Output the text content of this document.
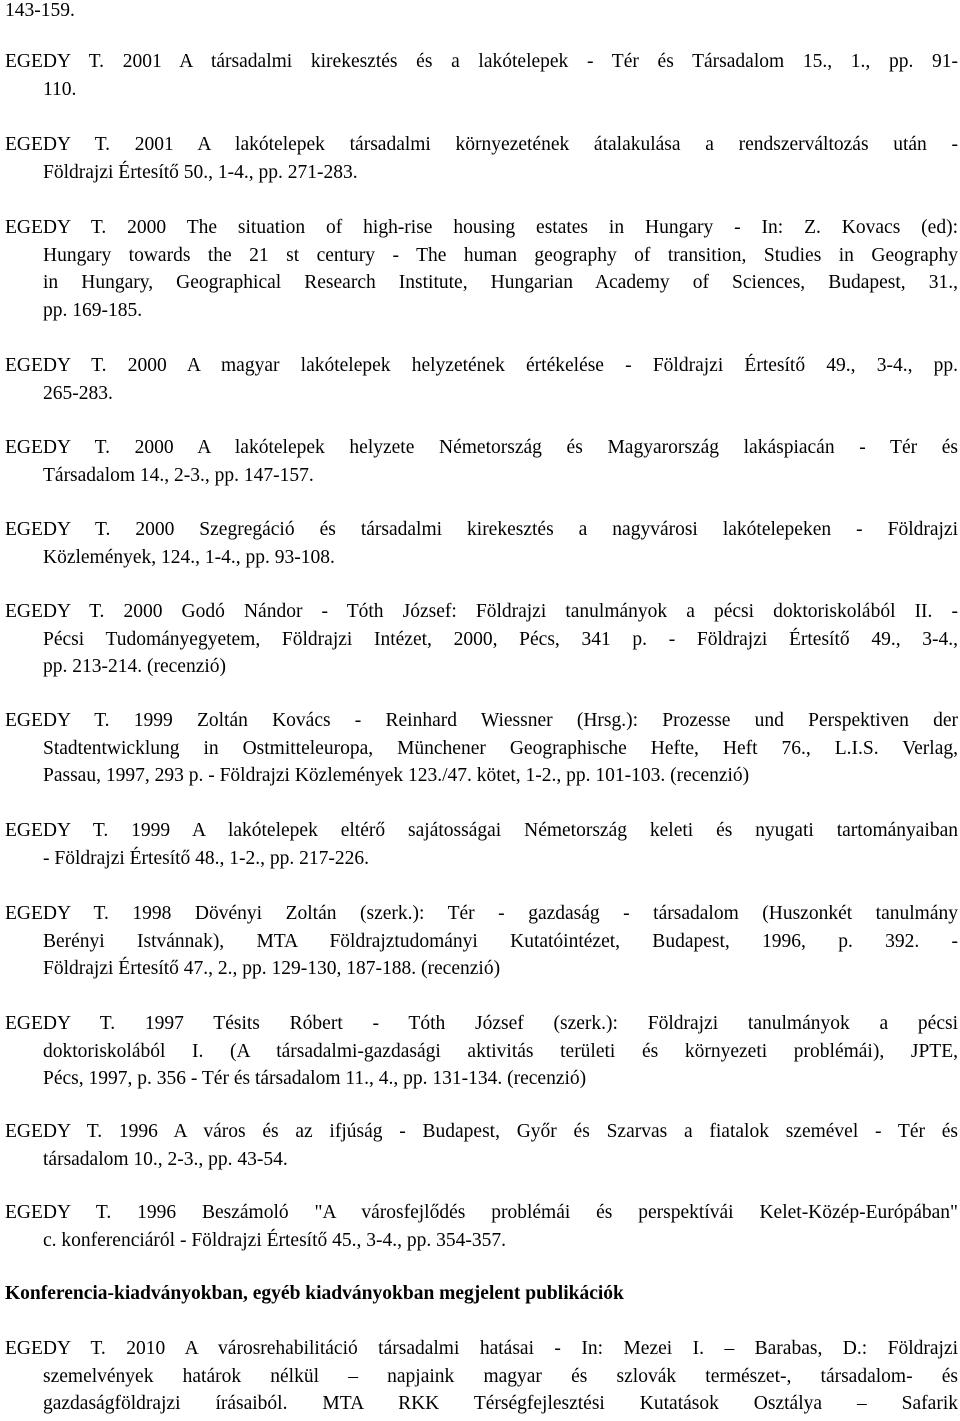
143-159.
EGEDY T. 2001 A társadalmi kirekesztés és a lakótelepek - Tér és Társadalom 15., 1., pp. 91-
110.
EGEDY T. 2001 A lakótelepek társadalmi környezetének átalakulása a rendszerváltozás után -
Földrajzi Értesítő 50., 1-4., pp. 271-283.
EGEDY T. 2000 The situation of high-rise housing estates in Hungary - In: Z. Kovacs (ed):
Hungary towards the 21 st century - The human geography of transition, Studies in Geography
in Hungary, Geographical Research Institute, Hungarian Academy of Sciences, Budapest, 31.,
pp. 169-185.
EGEDY T. 2000 A magyar lakótelepek helyzetének értékelése - Földrajzi Értesítő 49., 3-4., pp.
265-283.
EGEDY T. 2000 A lakótelepek helyzete Németország és Magyarország lakáspiacán - Tér és
Társadalom 14., 2-3., pp. 147-157.
EGEDY T. 2000 Szegregáció és társadalmi kirekesztés a nagyvárosi lakótelepeken - Földrajzi
Közlemények, 124., 1-4., pp. 93-108.
EGEDY T. 2000 Godó Nándor - Tóth József: Földrajzi tanulmányok a pécsi doktoriskolából II. -
Pécsi Tudományegyetem, Földrajzi Intézet, 2000, Pécs, 341 p. - Földrajzi Értesítő 49., 3-4.,
pp. 213-214. (recenzió)
EGEDY T. 1999 Zoltán Kovács - Reinhard Wiessner (Hrsg.): Prozesse und Perspektiven der
Stadtentwicklung in Ostmitteleuropa, Münchener Geographische Hefte, Heft 76., L.I.S. Verlag,
Passau, 1997, 293 p. - Földrajzi Közlemények 123./47. kötet, 1-2., pp. 101-103. (recenzió)
EGEDY T. 1999 A lakótelepek eltérő sajátosságai Németország keleti és nyugati tartományaiban
- Földrajzi Értesítő 48., 1-2., pp. 217-226.
EGEDY T. 1998 Dövényi Zoltán (szerk.): Tér - gazdaság - társadalom (Huszonkét tanulmány
Berényi Istvánnak), MTA Földrajztudományi Kutatóintézet, Budapest, 1996, p. 392. -
Földrajzi Értesítő 47., 2., pp. 129-130, 187-188. (recenzió)
EGEDY T. 1997 Tésits Róbert - Tóth József (szerk.): Földrajzi tanulmányok a pécsi
doktoriskolából I. (A társadalmi-gazdasági aktivitás területi és környezeti problémái), JPTE,
Pécs, 1997, p. 356 - Tér és társadalom 11., 4., pp. 131-134. (recenzió)
EGEDY T. 1996 A város és az ifjúság - Budapest, Győr és Szarvas a fiatalok szemével - Tér és
társadalom 10., 2-3., pp. 43-54.
EGEDY T. 1996 Beszámoló "A városfejlődés problémái és perspektívái Kelet-Közép-Európában"
c. konferenciáról - Földrajzi Értesítő 45., 3-4., pp. 354-357.
Konferencia-kiadványokban, egyéb kiadványokban megjelent publikációk
EGEDY T. 2010 A városrehabilitáció társadalmi hatásai - In: Mezei I. – Barabas, D.: Földrajzi
szemelvények határok nélkül – napjaink magyar és szlovák természet-, társadalom- és
gazdaságföldrajzi írásaiból. MTA RKK Térségfejlesztési Kutatások Osztálya – Safarik
